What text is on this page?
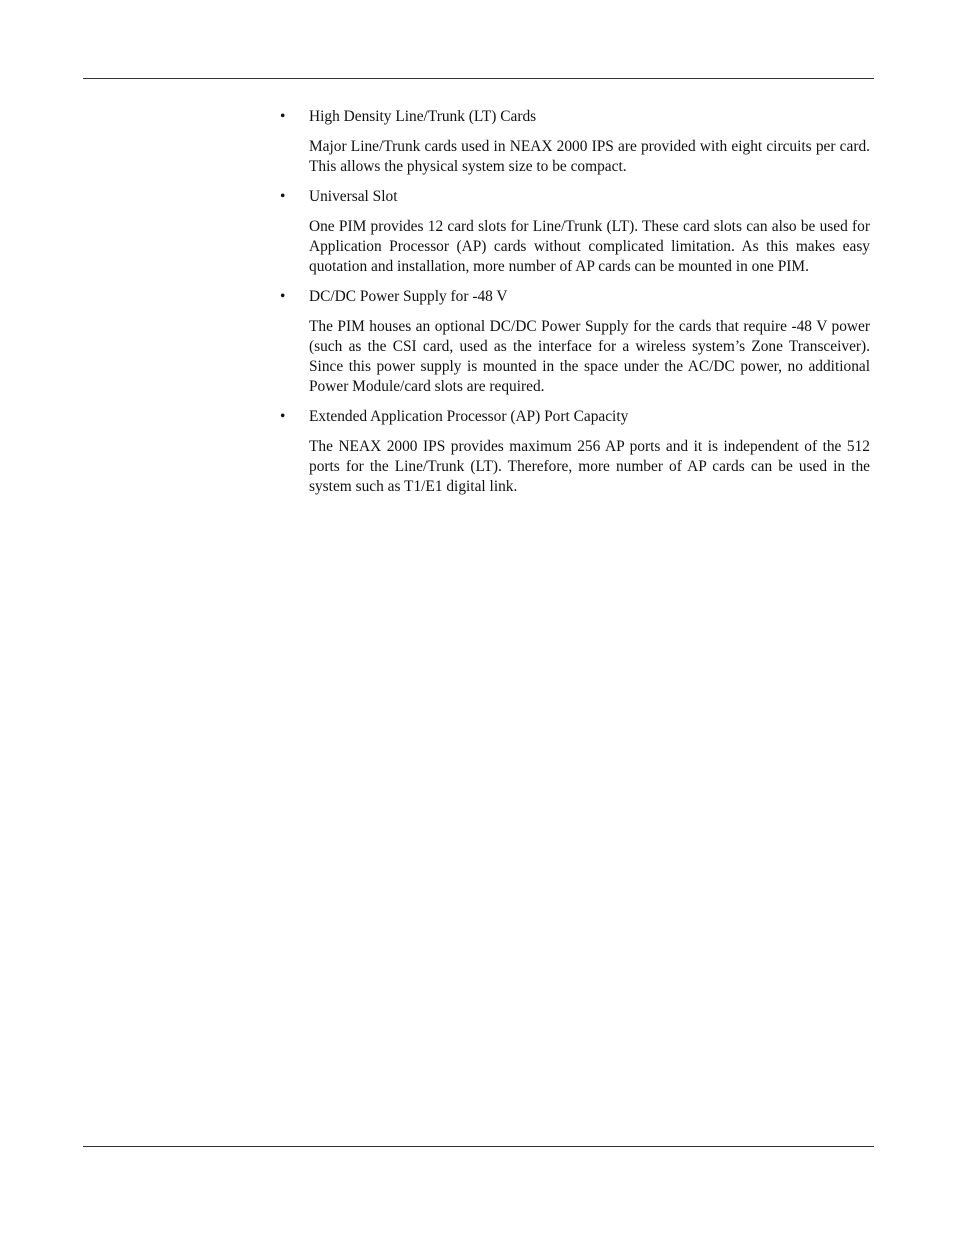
•	High Density Line/Trunk (LT) Cards

Major Line/Trunk cards used in NEAX 2000 IPS are provided with eight circuits per card. This allows the physical system size to be compact.

•	Universal Slot

One PIM provides 12 card slots for Line/Trunk (LT). These card slots can also be used for Application Processor (AP) cards without complicated limitation. As this makes easy quotation and installation, more number of AP cards can be mounted in one PIM.

•	DC/DC Power Supply for -48 V

The PIM houses an optional DC/DC Power Supply for the cards that require -48 V power (such as the CSI card, used as the interface for a wireless system’s Zone Transceiver). Since this power supply is mounted in the space under the AC/DC power, no additional Power Module/card slots are required.

•	Extended Application Processor (AP) Port Capacity

The NEAX 2000 IPS provides maximum 256 AP ports and it is independent of the 512 ports for the Line/Trunk (LT). Therefore, more number of AP cards can be used in the system such as T1/E1 digital link.
